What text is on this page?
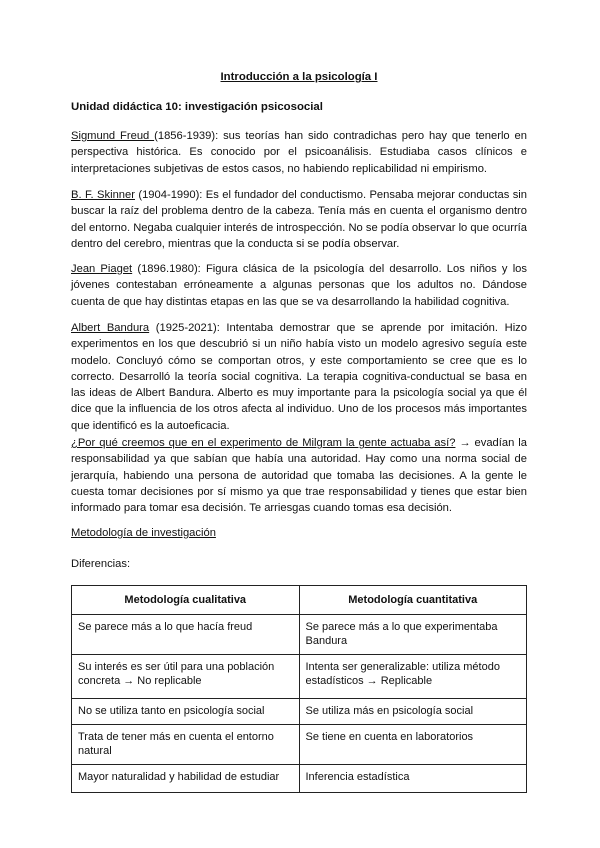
Introducción a la psicología I
Unidad didáctica 10: investigación psicosocial

Sigmund Freud (1856-1939): sus teorías han sido contradichas pero hay que tenerlo en perspectiva histórica. Es conocido por el psicoanálisis. Estudiaba casos clínicos e interpretaciones subjetivas de estos casos, no habiendo replicabilidad ni empirismo.

B. F. Skinner (1904-1990): Es el fundador del conductismo. Pensaba mejorar conductas sin buscar la raíz del problema dentro de la cabeza. Tenía más en cuenta el organismo dentro del entorno. Negaba cualquier interés de introspección. No se podía observar lo que ocurría dentro del cerebro, mientras que la conducta si se podía observar.

Jean Piaget (1896.1980): Figura clásica de la psicología del desarrollo. Los niños y los jóvenes contestaban erróneamente a algunas personas que los adultos no. Dándose cuenta de que hay distintas etapas en las que se va desarrollando la habilidad cognitiva.

Albert Bandura (1925-2021): Intentaba demostrar que se aprende por imitación. Hizo experimentos en los que descubrió si un niño había visto un modelo agresivo seguía este modelo. Concluyó cómo se comportan otros, y este comportamiento se cree que es lo correcto. Desarrolló la teoría social cognitiva. La terapia cognitiva-conductual se basa en las ideas de Albert Bandura. Alberto es muy importante para la psicología social ya que él dice que la influencia de los otros afecta al individuo. Uno de los procesos más importantes que identificó es la autoeficacia.

¿Por qué creemos que en el experimento de Milgram la gente actuaba así? → evadían la responsabilidad ya que sabían que había una autoridad. Hay como una norma social de jerarquía, habiendo una persona de autoridad que tomaba las decisiones. A la gente le cuesta tomar decisiones por sí mismo ya que trae responsabilidad y tienes que estar bien informado para tomar esa decisión. Te arriesgas cuando tomas esa decisión.

Metodología de investigación
Diferencias:
Metodología cualitativa	Metodología cuantitativa
Se parece más a lo que hacía freud	Se parece más a lo que experimentaba Bandura
Su interés es ser útil para una población concreta → No replicable	Intenta ser generalizable: utiliza método estadísticos → Replicable
No se utiliza tanto en psicología social	Se utiliza más en psicología social
Trata de tener más en cuenta el entorno natural	Se tiene en cuenta en laboratorios
Mayor naturalidad y habilidad de estudiar	Inferencia estadística
